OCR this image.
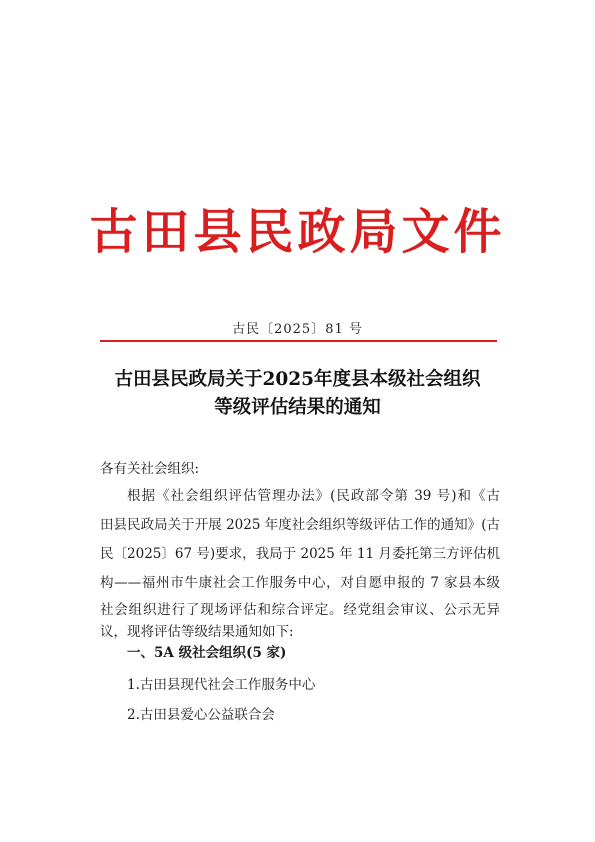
古田县民政局文件
古民〔2025〕81 号
古田县民政局关于2025年度县本级社会组织
等级评估结果的通知
各有关社会组织:
根据《社会组织评估管理办法》(民政部令第 39 号)和《古
田县民政局关于开展 2025 年度社会组织等级评估工作的通知》(古
民〔2025〕67 号)要求，我局于 2025 年 11 月委托第三方评估机
构——福州市牛康社会工作服务中心，对自愿申报的 7 家县本级
社会组织进行了现场评估和综合评定。经党组会审议、公示无异
议，现将评估等级结果通知如下:
一、5A 级社会组织(5 家)
1.古田县现代社会工作服务中心
2.古田县爱心公益联合会
